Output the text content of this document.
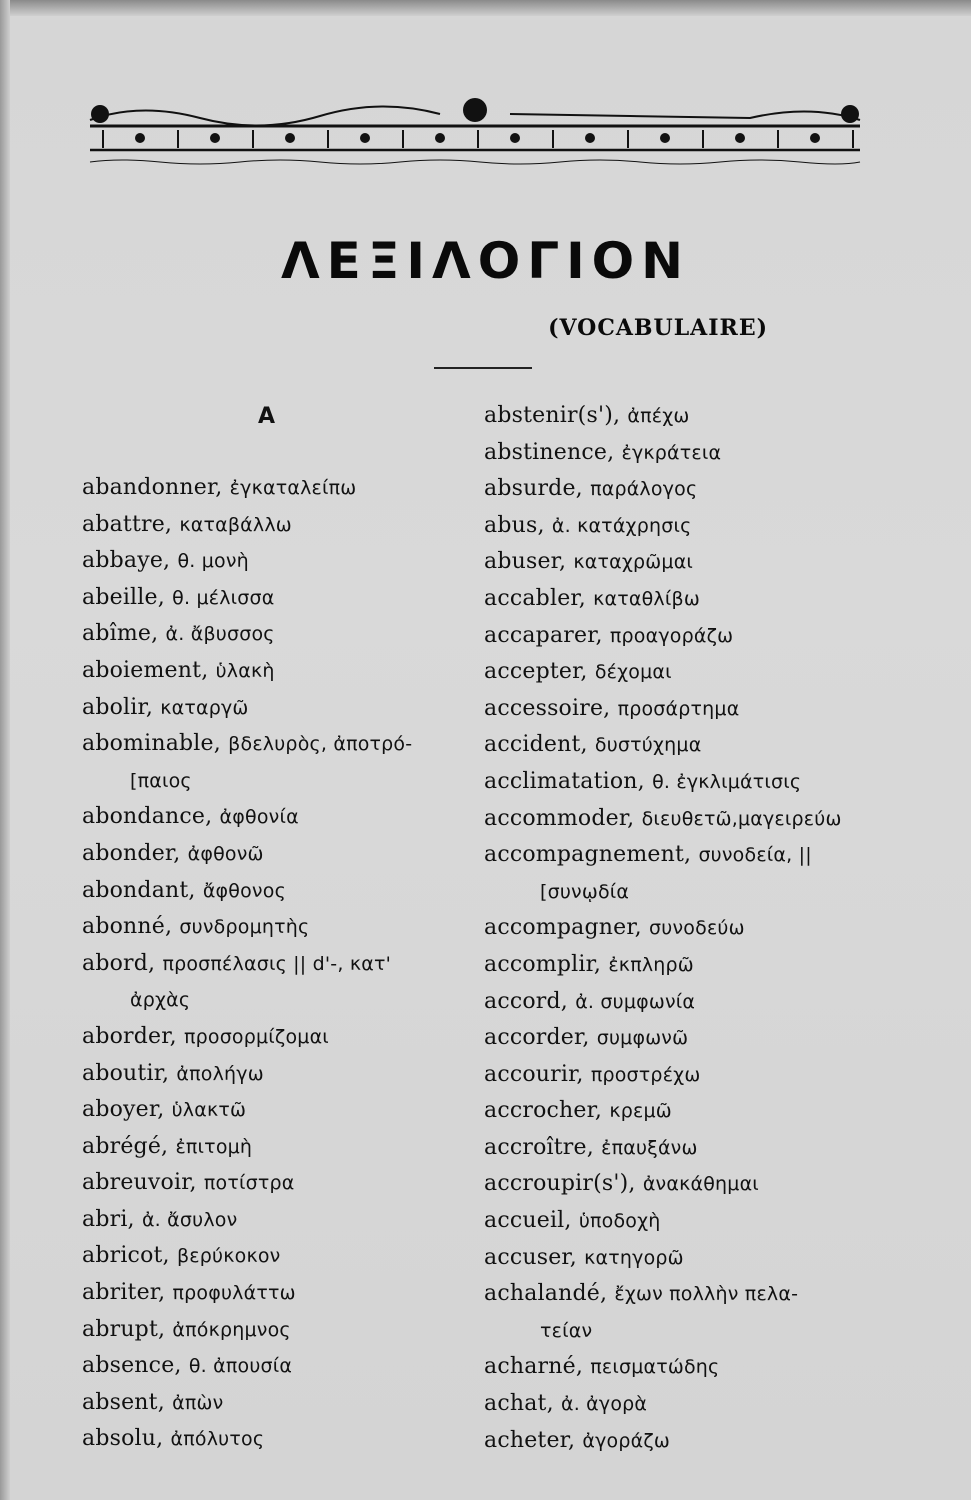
ΛΕΞΙΛΟΓΙΟΝ
(VOCABULAIRE)
A
abandonner, ἐγκαταλείπω
abattre, καταβάλλω
abbaye, θ. μονὴ
abeille, θ. μέλισσα
abîme, ἀ. ἄβυσσος
aboiement, ὑλακὴ
abolir, καταργῶ
abominable, βδελυρὸς, ἀποτρό-
[παιος
abondance, ἀφθονία
abonder, ἀφθονῶ
abondant, ἄφθονος
abonné, συνδρομητὴς
abord, προσπέλασις || d'-, κατ'
ἀρχὰς
aborder, προσορμίζομαι
aboutir, ἀπολήγω
aboyer, ὑλακτῶ
abrégé, ἐπιτομὴ
abreuvoir, ποτίστρα
abri, ἀ. ἄσυλον
abricot, βερύκοκον
abriter, προφυλάττω
abrupt, ἀπόκρημνος
absence, θ. ἀπουσία
absent, ἀπὼν
absolu, ἀπόλυτος
abstenir(s'), ἀπέχω
abstinence, ἐγκράτεια
absurde, παράλογος
abus, ἀ. κατάχρησις
abuser, καταχρῶμαι
accabler, καταθλίβω
accaparer, προαγοράζω
accepter, δέχομαι
accessoire, προσάρτημα
accident, δυστύχημα
acclimatation, θ. ἐγκλιμάτισις
accommoder, διευθετῶ,μαγειρεύω
accompagnement, συνοδεία, ||
[συνῳδία
accompagner, συνοδεύω
accomplir, ἐκπληρῶ
accord, ἀ. συμφωνία
accorder, συμφωνῶ
accourir, προστρέχω
accrocher, κρεμῶ
accroître, ἐπαυξάνω
accroupir(s'), ἀνακάθημαι
accueil, ὑποδοχὴ
accuser, κατηγορῶ
achalandé, ἔχων πολλὴν πελα-
τείαν
acharné, πεισματώδης
achat, ἀ. ἀγορὰ
acheter, ἀγοράζω
